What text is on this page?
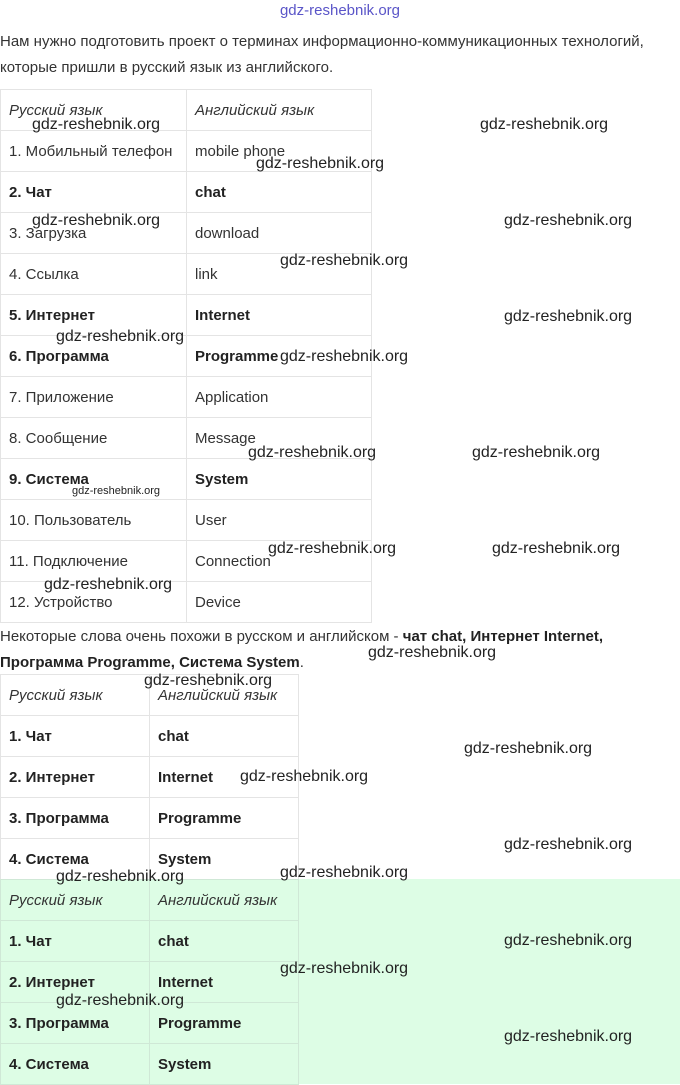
gdz-reshebnik.org

Нам нужно подготовить проект о терминах информационно-коммуникационных технологий, которые пришли в русский язык из английского.

Русский язык	Английский язык
1. Мобильный телефон	mobile phone
2. Чат	chat
3. Загрузка	download
4. Ссылка	link
5. Интернет	Internet
6. Программа	Programme
7. Приложение	Application
8. Сообщение	Message
9. Система	System
10. Пользователь	User
11. Подключение	Connection
12. Устройство	Device

Некоторые слова очень похожи в русском и английском - чат chat, Интернет Internet, Программа Programme, Система System.

Русский язык	Английский язык
1. Чат	chat
2. Интернет	Internet
3. Программа	Programme
4. Система	System
Русский язык	Английский язык
1. Чат	chat
2. Интернет	Internet
3. Программа	Programme
4. Система	System
gdz-reshebnik.org	gdz-reshebnik.org
gdz-reshebnik.org
gdz-reshebnik.org	gdz-reshebnik.org
gdz-reshebnik.org
gdz-reshebnik.org
gdz-reshebnik.org
gdz-reshebnik.org
gdz-reshebnik.org	gdz-reshebnik.org
gdz-reshebnik.org
gdz-reshebnik.org	gdz-reshebnik.org
gdz-reshebnik.org
gdz-reshebnik.org
gdz-reshebnik.org
gdz-reshebnik.org
gdz-reshebnik.org
gdz-reshebnik.org
gdz-reshebnik.org	gdz-reshebnik.org
gdz-reshebnik.org
gdz-reshebnik.org
gdz-reshebnik.org
gdz-reshebnik.org
